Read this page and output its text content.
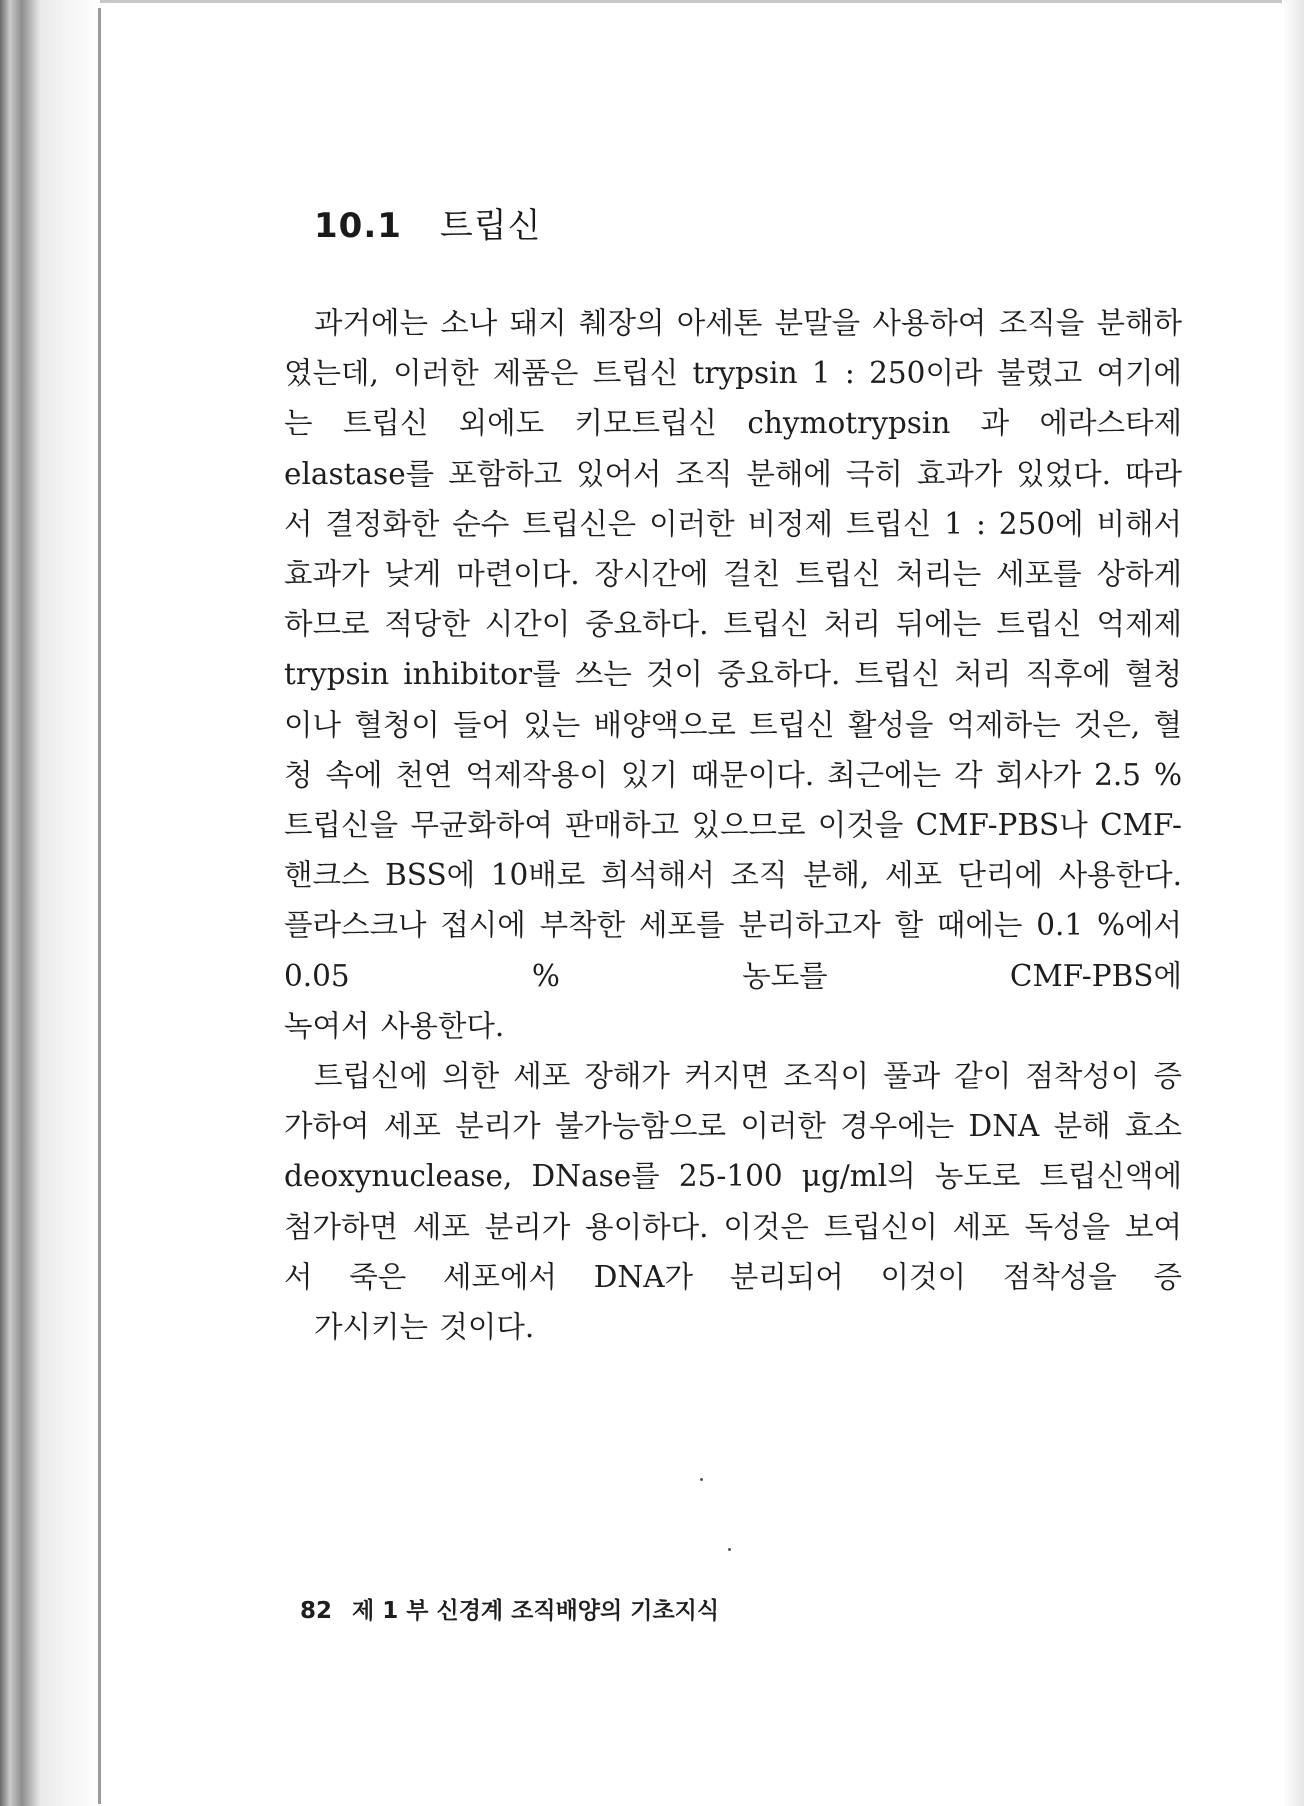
10.1 트립신

과거에는 소나 돼지 췌장의 아세톤 분말을 사용하여 조직을 분해하였는데, 이러한 제품은 트립신 trypsin 1 : 250이라 불렸고 여기에는 트립신 외에도 키모트립신 chymotrypsin 과 에라스타제 elastase를 포함하고 있어서 조직 분해에 극히 효과가 있었다. 따라서 결정화한 순수 트립신은 이러한 비정제 트립신 1 : 250에 비해서 효과가 낮게 마련이다. 장시간에 걸친 트립신 처리는 세포를 상하게 하므로 적당한 시간이 중요하다. 트립신 처리 뒤에는 트립신 억제제 trypsin inhibitor를 쓰는 것이 중요하다. 트립신 처리 직후에 혈청이나 혈청이 들어 있는 배양액으로 트립신 활성을 억제하는 것은, 혈청 속에 천연 억제작용이 있기 때문이다. 최근에는 각 회사가 2.5 % 트립신을 무균화하여 판매하고 있으므로 이것을 CMF-PBS나 CMF-핸크스 BSS에 10배로 희석해서 조직 분해, 세포 단리에 사용한다. 플라스크나 접시에 부착한 세포를 분리하고자 할 때에는 0.1 %에서 0.05 % 농도를 CMF-PBS에
녹여서 사용한다.

트립신에 의한 세포 장해가 커지면 조직이 풀과 같이 점착성이 증가하여 세포 분리가 불가능함으로 이러한 경우에는 DNA 분해 효소 deoxynuclease, DNase를 25-100 μg/ml의 농도로 트립신액에 첨가하면 세포 분리가 용이하다. 이것은 트립신이 세포 독성을 보여서 죽은 세포에서 DNA가 분리되어 이것이 점착성을 증
가시키는 것이다.

82 제 1 부 신경계 조직배양의 기초지식
